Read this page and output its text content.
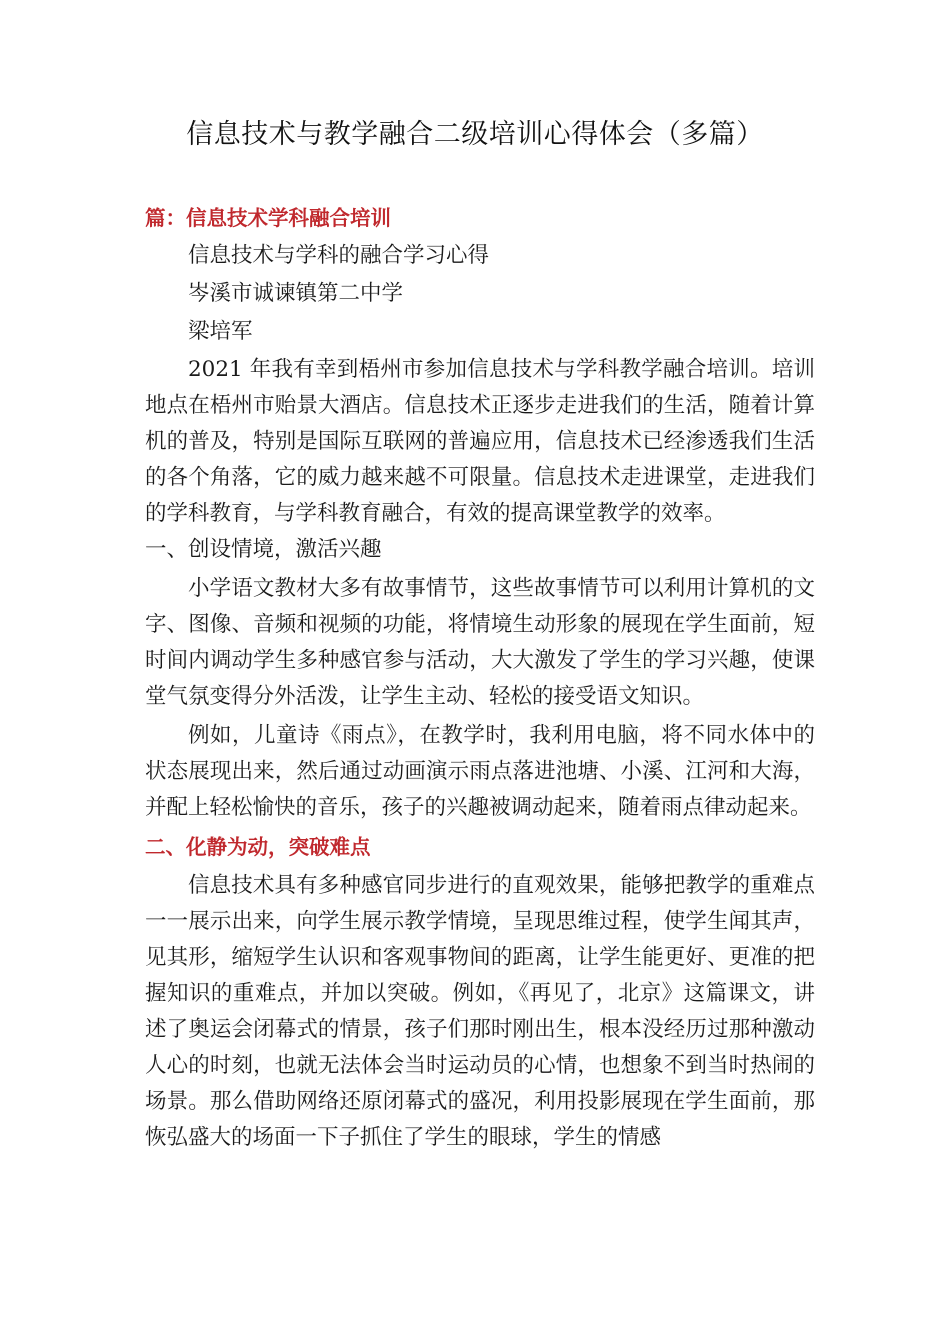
信息技术与教学融合二级培训心得体会（多篇）
篇：信息技术学科融合培训
信息技术与学科的融合学习心得
岑溪市诚谏镇第二中学
梁培军

2021 年我有幸到梧州市参加信息技术与学科教学融合培训。培训地点在梧州市贻景大酒店。信息技术正逐步走进我们的生活，随着计算机的普及，特别是国际互联网的普遍应用，信息技术已经渗透我们生活的各个角落，它的威力越来越不可限量。信息技术走进课堂，走进我们的学科教育，与学科教育融合，有效的提高课堂教学的效率。

一、创设情境，激活兴趣

小学语文教材大多有故事情节，这些故事情节可以利用计算机的文字、图像、音频和视频的功能，将情境生动形象的展现在学生面前，短时间内调动学生多种感官参与活动，大大激发了学生的学习兴趣，使课堂气氛变得分外活泼，让学生主动、轻松的接受语文知识。

例如，儿童诗《雨点》，在教学时，我利用电脑，将不同水体中的状态展现出来，然后通过动画演示雨点落进池塘、小溪、江河和大海，并配上轻松愉快的音乐，孩子的兴趣被调动起来，随着雨点律动起来。

二、化静为动，突破难点

信息技术具有多种感官同步进行的直观效果，能够把教学的重难点一一展示出来，向学生展示教学情境，呈现思维过程，使学生闻其声，见其形，缩短学生认识和客观事物间的距离，让学生能更好、更准的把握知识的重难点，并加以突破。例如，《再见了，北京》这篇课文，讲述了奥运会闭幕式的情景，孩子们那时刚出生，根本没经历过那种激动人心的时刻，也就无法体会当时运动员的心情，也想象不到当时热闹的场景。那么借助网络还原闭幕式的盛况，利用投影展现在学生面前，那恢弘盛大的场面一下子抓住了学生的眼球，学生的情感
